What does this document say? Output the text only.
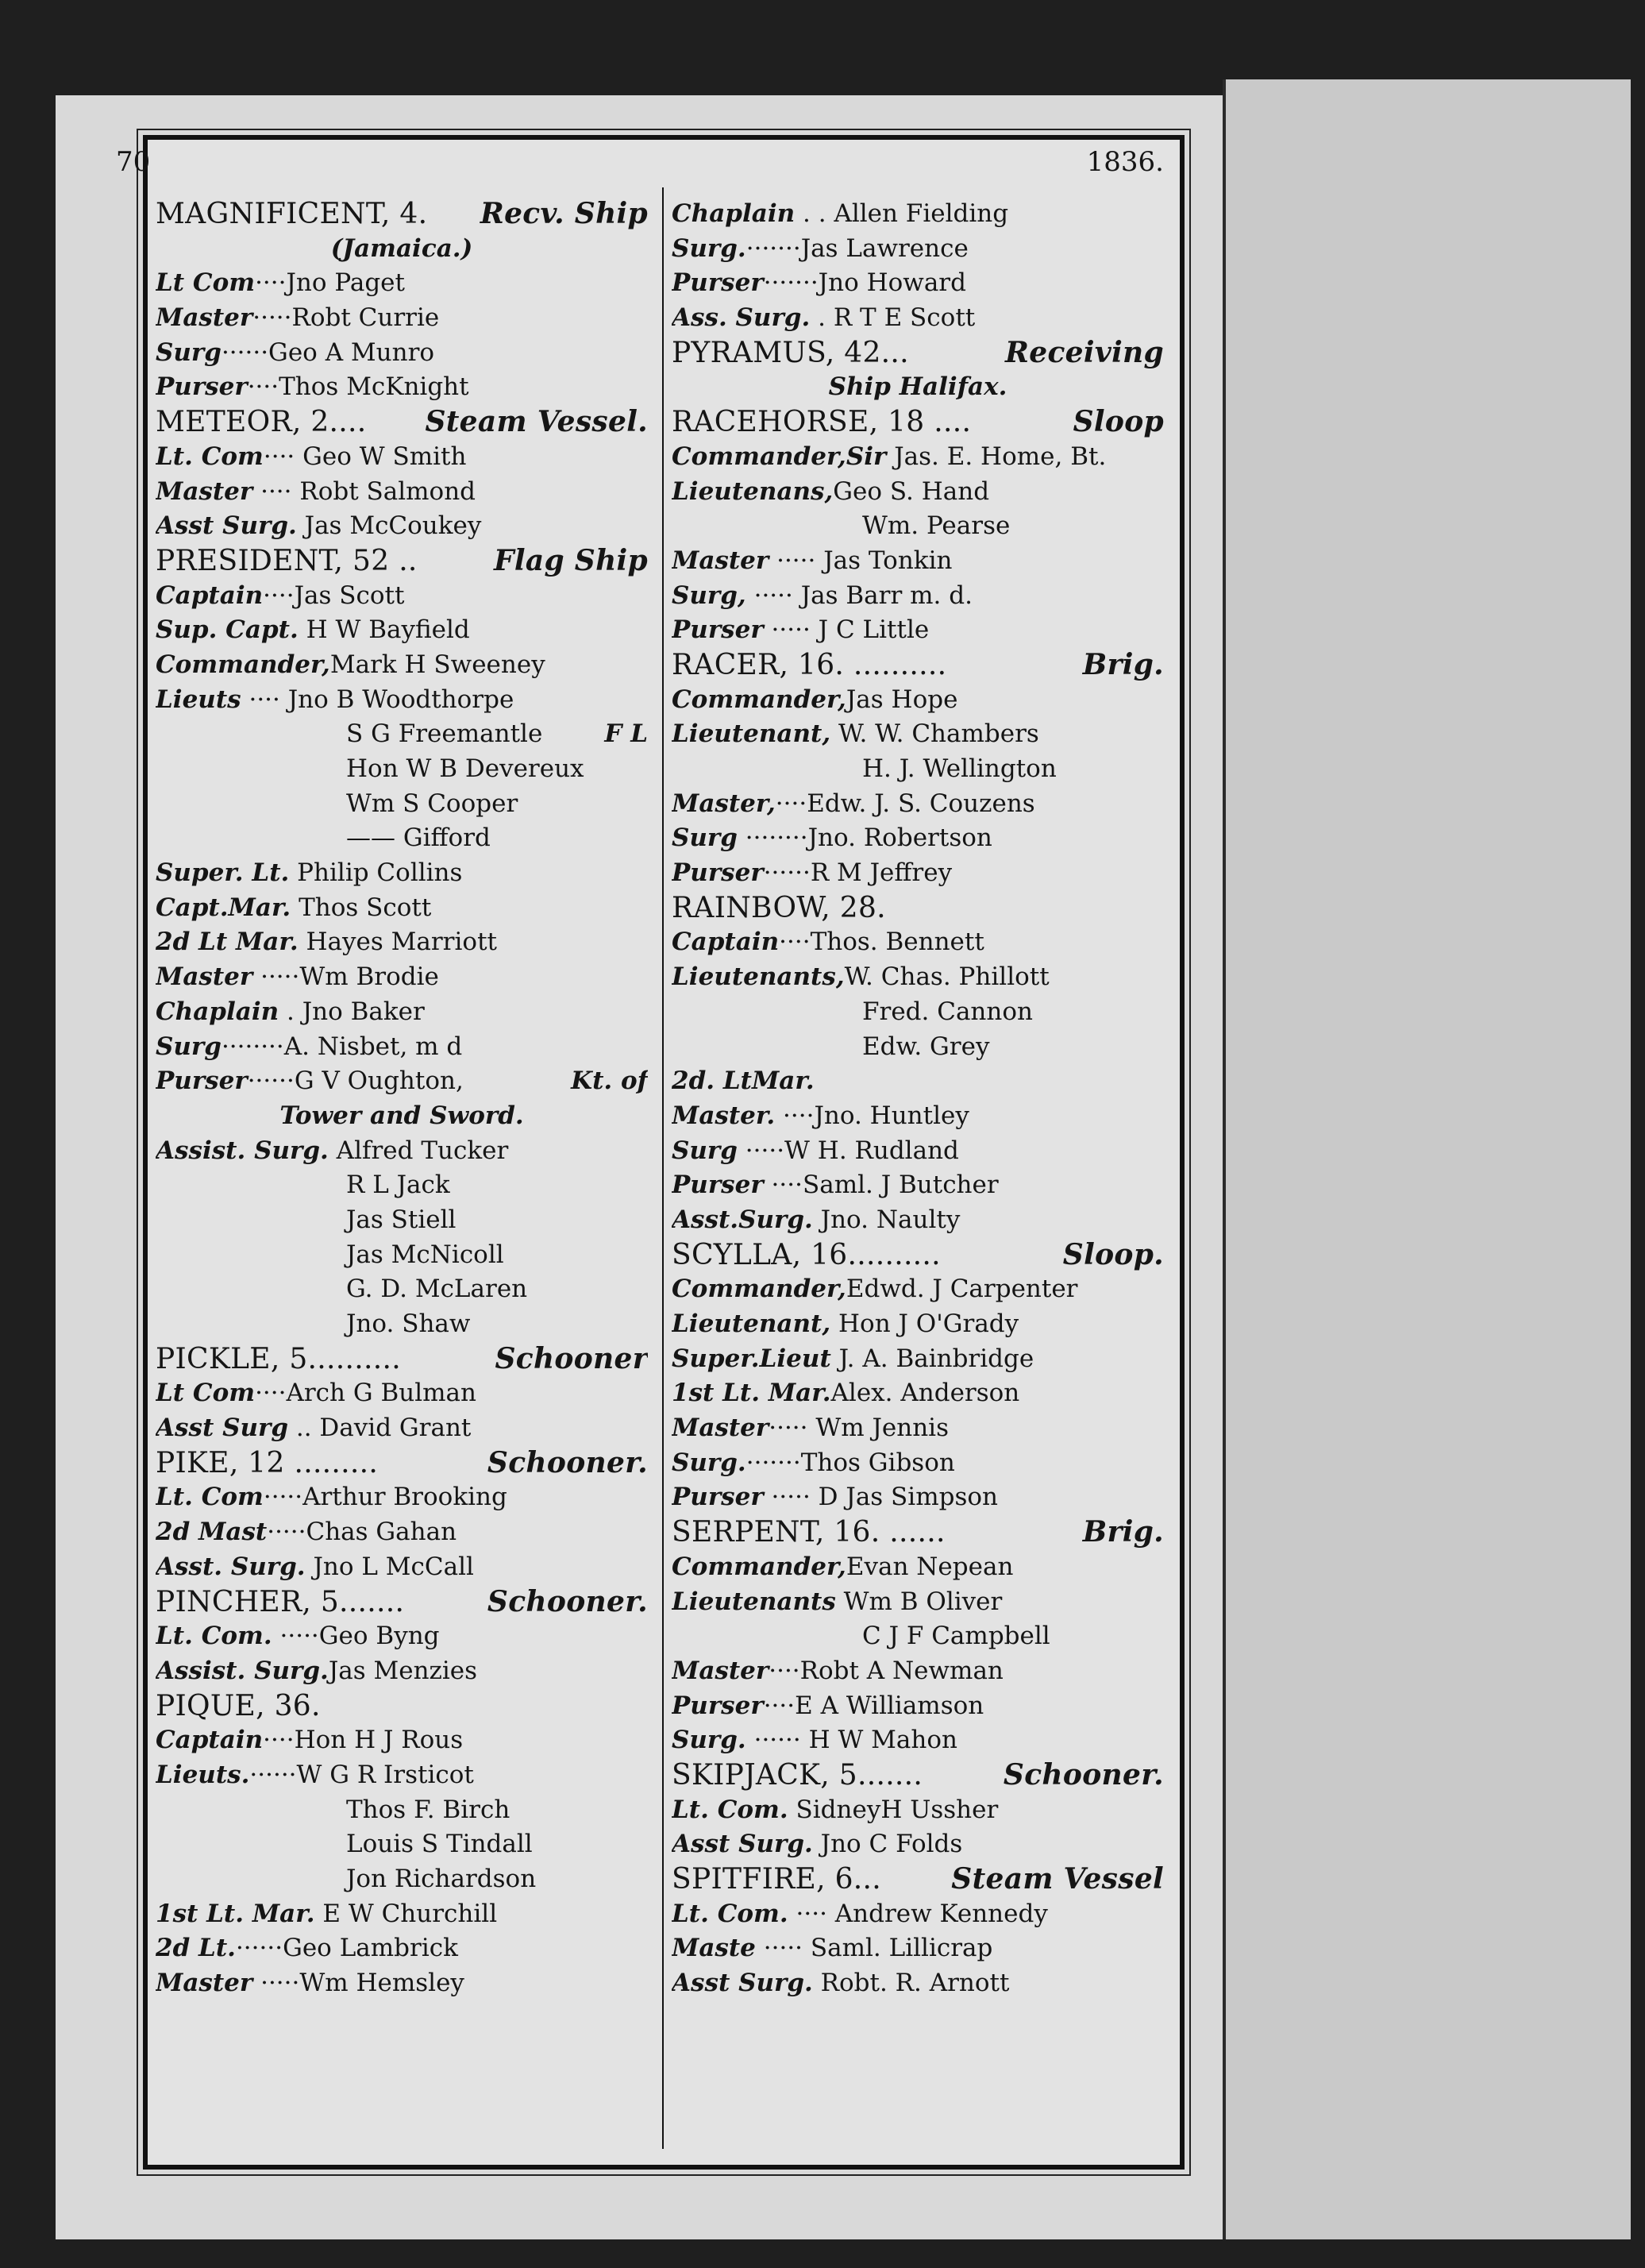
70	1836.
MAGNIFICENT, 4. Recv. Ship
(Jamaica.)
Lt Com····Jno Paget
Master·····Robt Currie
Surg······Geo A Munro
Purser····Thos McKnight
METEOR, 2.... Steam Vessel.
Lt. Com···· Geo W Smith
Master ···· Robt Salmond
Asst Surg. Jas McCoukey
PRESIDENT, 52 ..	Flag Ship
Captain····Jas Scott
Sup. Capt. H W Bayfield
Commander,Mark H Sweeney
Lieuts ···· Jno B Woodthorpe
S G Freemantle	F L
Hon W B Devereux
Wm S Cooper
—— Gifford
Super. Lt. Philip Collins
Capt.Mar. Thos Scott
2d Lt Mar. Hayes Marriott
Master ·····Wm Brodie
Chaplain . Jno Baker
Surg········A. Nisbet, m d
Purser······G V Oughton,	Kt. of
Tower and Sword.
Assist. Surg. Alfred Tucker
R L Jack
Jas Stiell
Jas McNicoll
G. D. McLaren
Jno. Shaw
PICKLE, 5..........	Schooner
Lt Com····Arch G Bulman
Asst Surg .. David Grant
PIKE, 12 .........	Schooner.
Lt. Com·····Arthur Brooking
2d Mast·····Chas Gahan
Asst. Surg. Jno L McCall
PINCHER, 5.......	Schooner.
Lt. Com. ·····Geo Byng
Assist. Surg.Jas Menzies
PIQUE, 36.
Captain····Hon H J Rous
Lieuts.······W G R Irsticot
Thos F. Birch
Louis S Tindall
Jon Richardson
1st Lt. Mar. E W Churchill
2d Lt.······Geo Lambrick
Master ·····Wm Hemsley
Chaplain . . Allen Fielding
Surg.·······Jas Lawrence
Purser·······Jno Howard
Ass. Surg. . R T E Scott
PYRAMUS, 42...	Receiving
Ship Halifax.
RACEHORSE, 18 ....	Sloop
Commander,Sir Jas. E. Home, Bt.
Lieutenans,Geo S. Hand
Wm. Pearse
Master ····· Jas Tonkin
Surg, ····· Jas Barr m. d.
Purser ····· J C Little
RACER, 16. ..........	Brig.
Commander,Jas Hope
Lieutenant, W. W. Chambers
H. J. Wellington
Master,····Edw. J. S. Couzens
Surg ········Jno. Robertson
Purser······R M Jeffrey
RAINBOW, 28.
Captain····Thos. Bennett
Lieutenants,W. Chas. Phillott
Fred. Cannon
Edw. Grey
2d. LtMar.
Master. ····Jno. Huntley
Surg ·····W H. Rudland
Purser ····Saml. J Butcher
Asst.Surg. Jno. Naulty
SCYLLA, 16..........	Sloop.
Commander,Edwd. J Carpenter
Lieutenant, Hon J O'Grady
Super.Lieut J. A. Bainbridge
1st Lt. Mar.Alex. Anderson
Master····· Wm Jennis
Surg.·······Thos Gibson
Purser ····· D Jas Simpson
SERPENT, 16. ......	Brig.
Commander,Evan Nepean
Lieutenants Wm B Oliver
C J F Campbell
Master····Robt A Newman
Purser····E A Williamson
Surg. ······ H W Mahon
SKIPJACK, 5.......	Schooner.
Lt. Com. SidneyH Ussher
Asst Surg. Jno C Folds
SPITFIRE, 6... Steam Vessel
Lt. Com. ···· Andrew Kennedy
Maste ····· Saml. Lillicrap
Asst Surg. Robt. R. Arnott
